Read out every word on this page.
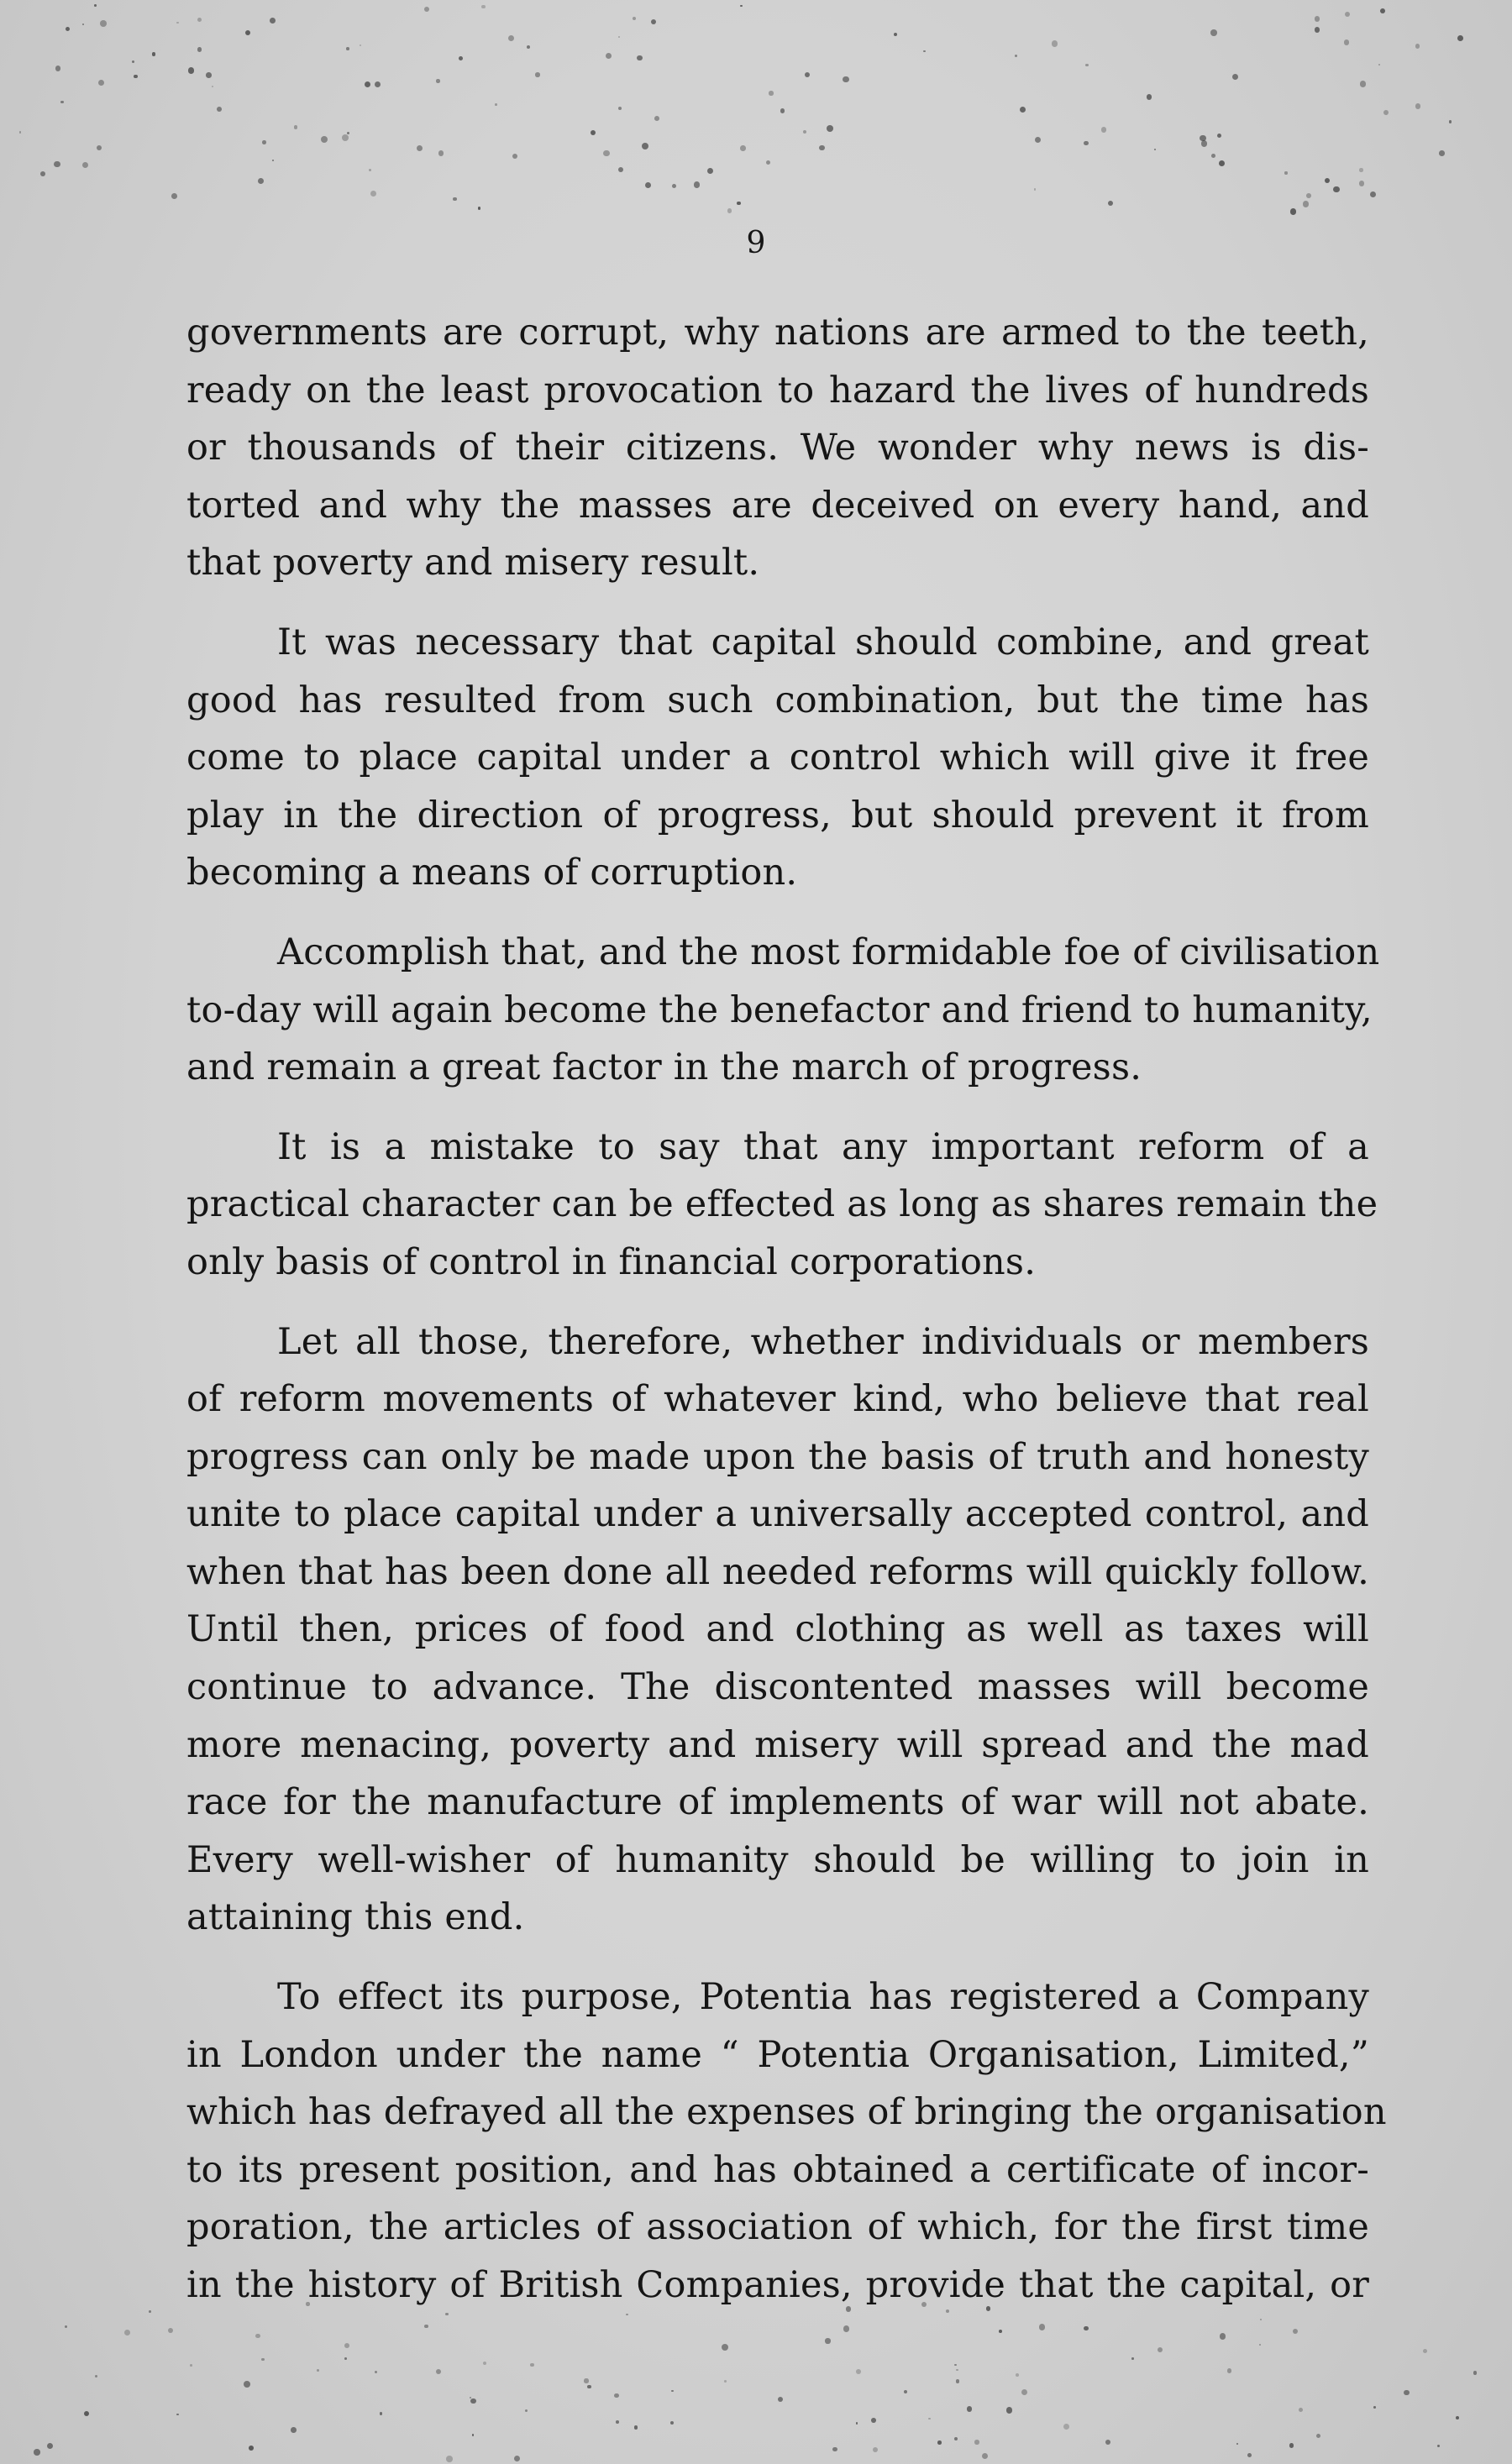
9

governments are corrupt, why nations are armed to the teeth,
ready on the least provocation to hazard the lives of hundreds
or thousands of their citizens. We wonder why news is dis-
torted and why the masses are deceived on every hand, and
that poverty and misery result.

It was necessary that capital should combine, and great
good has resulted from such combination, but the time has
come to place capital under a control which will give it free
play in the direction of progress, but should prevent it from
becoming a means of corruption.

Accomplish that, and the most formidable foe of civilisation
to-day will again become the benefactor and friend to humanity,
and remain a great factor in the march of progress.

It is a mistake to say that any important reform of a
practical character can be effected as long as shares remain the
only basis of control in financial corporations.

Let all those, therefore, whether individuals or members
of reform movements of whatever kind, who believe that real
progress can only be made upon the basis of truth and honesty
unite to place capital under a universally accepted control, and
when that has been done all needed reforms will quickly follow.
Until then, prices of food and clothing as well as taxes will
continue to advance. The discontented masses will become
more menacing, poverty and misery will spread and the mad
race for the manufacture of implements of war will not abate.
Every well-wisher of humanity should be willing to join in
attaining this end.

To effect its purpose, Potentia has registered a Company
in London under the name “ Potentia Organisation, Limited,”
which has defrayed all the expenses of bringing the organisation
to its present position, and has obtained a certificate of incor-
poration, the articles of association of which, for the first time
in the history of British Companies, provide that the capital, or
